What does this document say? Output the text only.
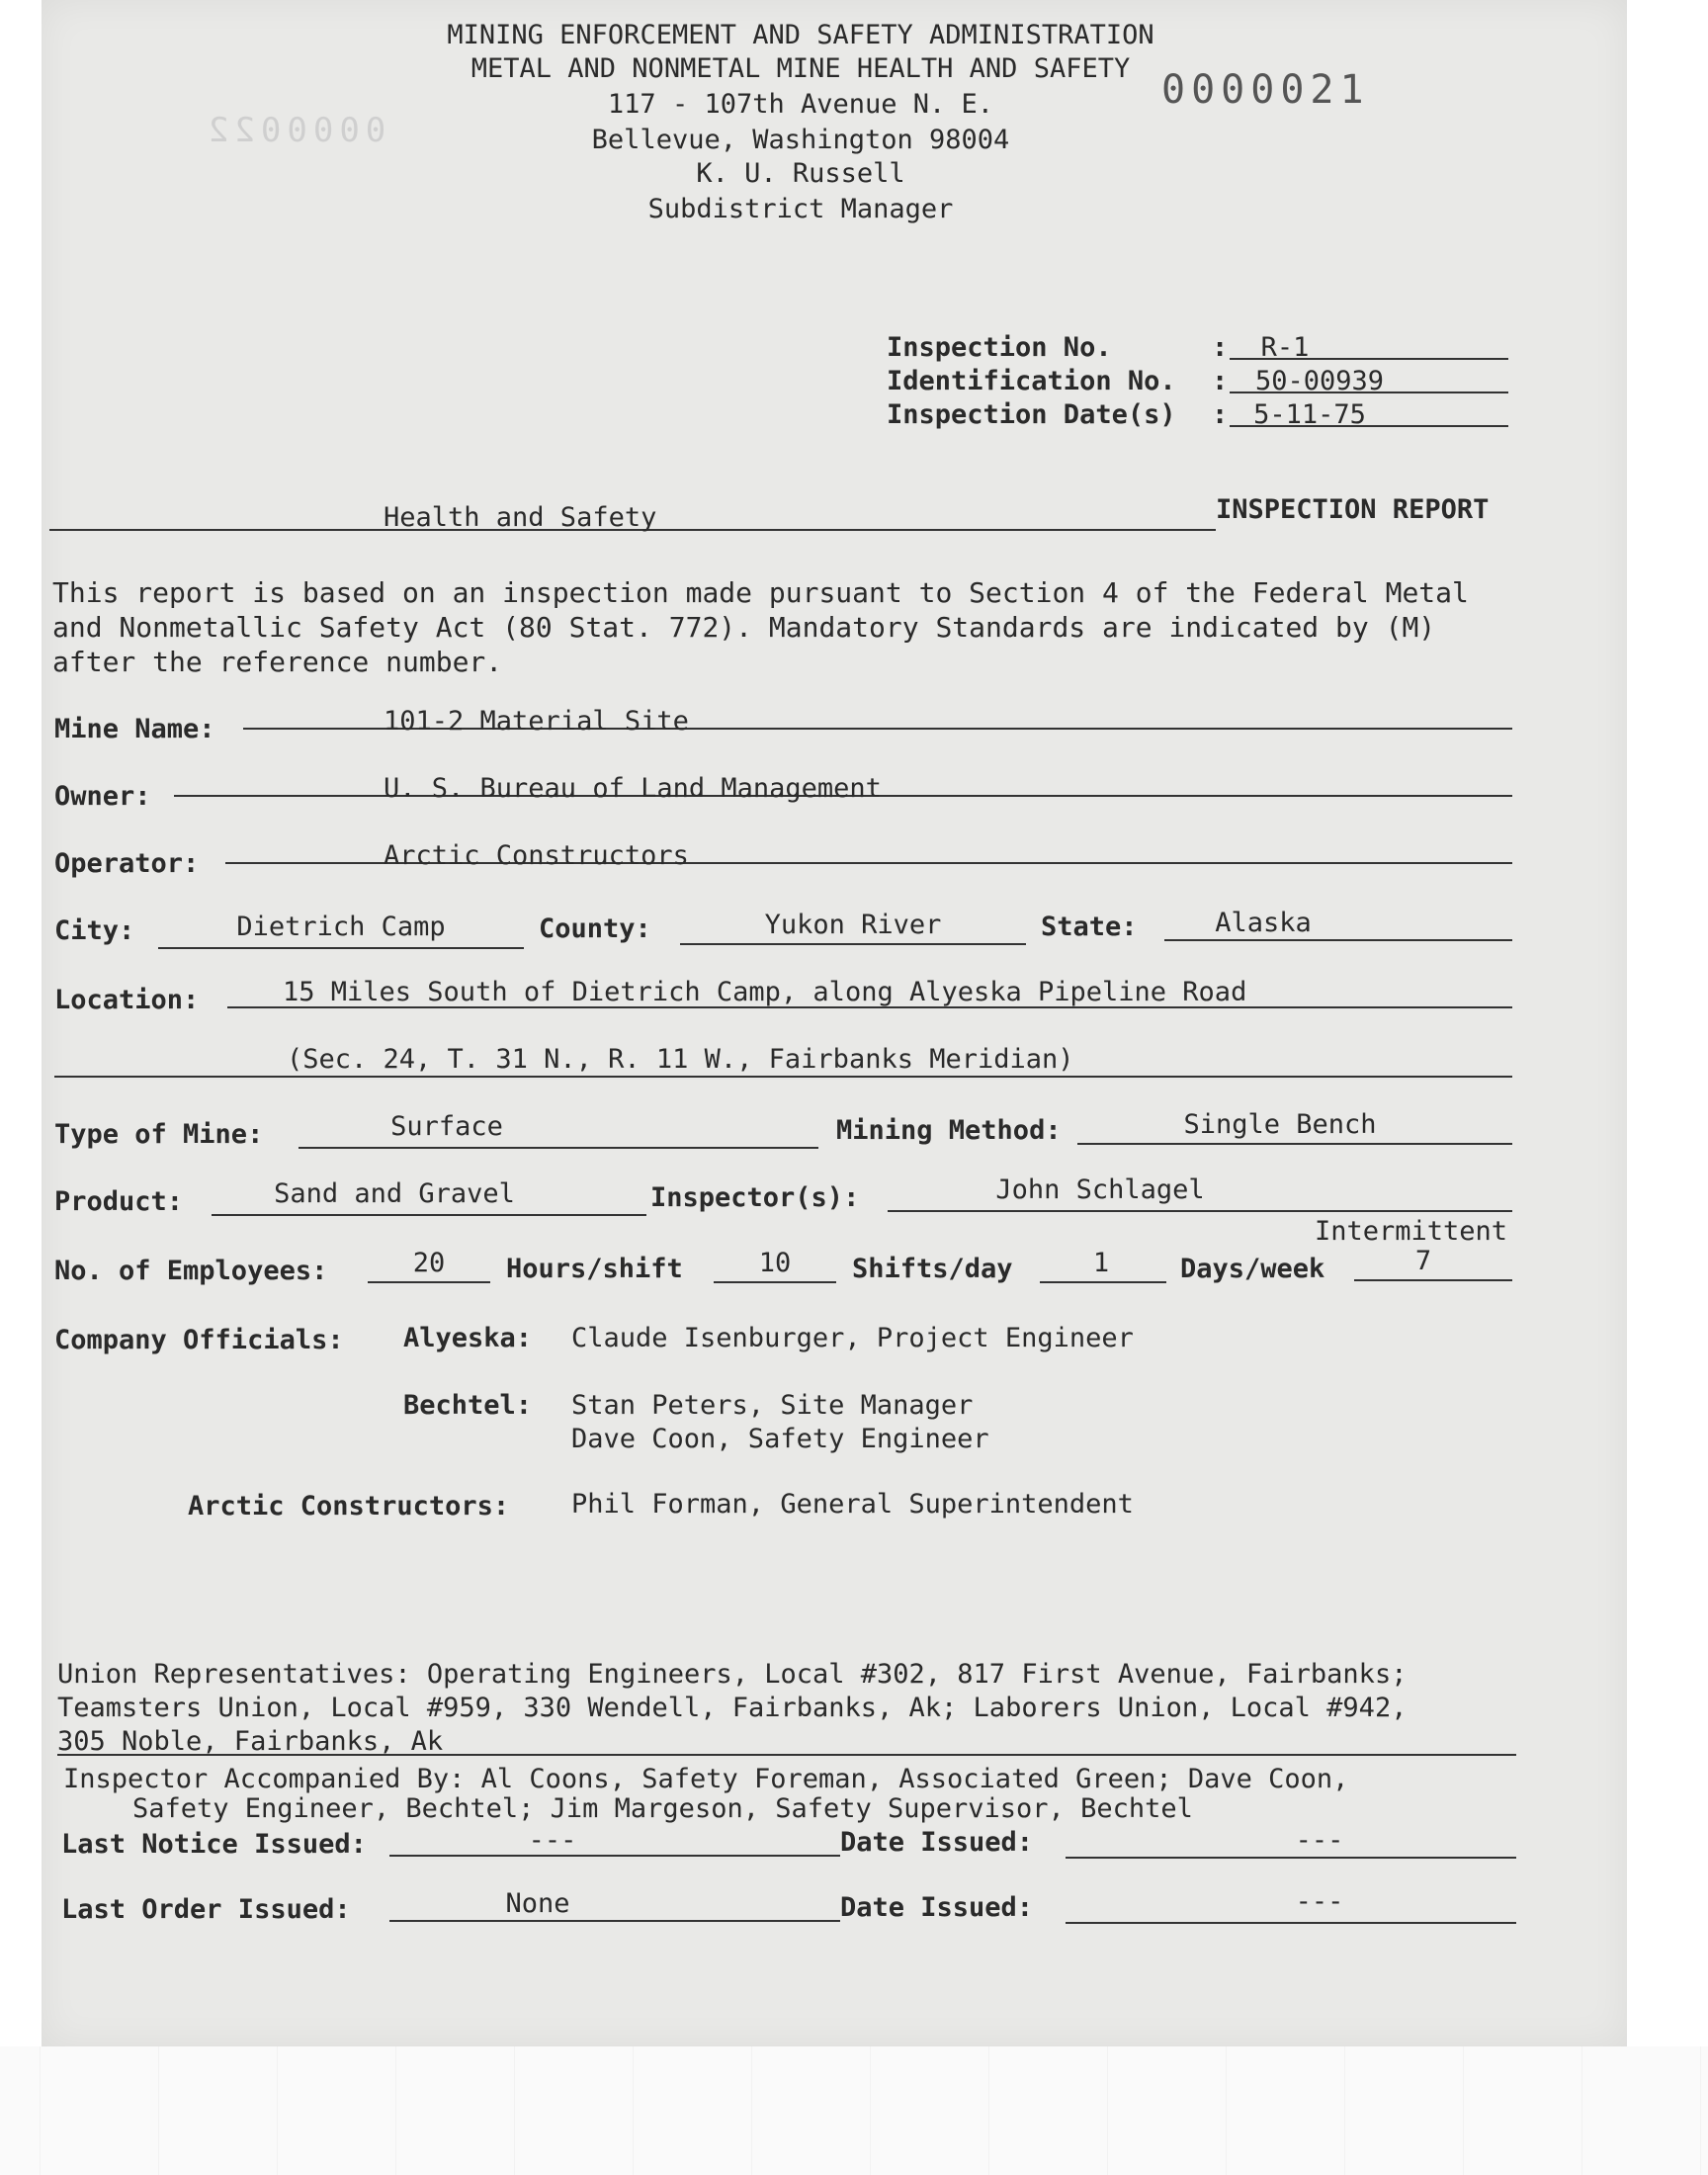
MINING ENFORCEMENT AND SAFETY ADMINISTRATION
METAL AND NONMETAL MINE HEALTH AND SAFETY
117 - 107th Avenue N. E.
Bellevue, Washington 98004
K. U. Russell
Subdistrict Manager
0000021
0000022
Inspection No.	:	R-1
Identification No. :	50-00939
Inspection Date(s) : 5-11-75
Health and Safety	INSPECTION REPORT
This report is based on an inspection made pursuant to Section 4 of the Federal Metal
and Nonmetallic Safety Act (80 Stat. 772). Mandatory Standards are indicated by (M)
after the reference number.
Mine Name:	101-2 Material Site
Owner:	U. S. Bureau of Land Management
Operator:	Arctic Constructors
City:	Dietrich Camp	County:	Yukon River	State:	Alaska
Location:	15 Miles South of Dietrich Camp, along Alyeska Pipeline Road
(Sec. 24, T. 31 N., R. 11 W., Fairbanks Meridian)
Type of Mine:	Surface	Mining Method:	Single Bench
Product:	Sand and Gravel	Inspector(s):	John Schlagel
Intermittent
No. of Employees:	20	Hours/shift	10	Shifts/day	1	Days/week	7
Company Officials: Alyeska: Claude Isenburger, Project Engineer
Bechtel: Stan Peters, Site Manager
Dave Coon, Safety Engineer
Arctic Constructors: Phil Forman, General Superintendent
Union Representatives: Operating Engineers, Local #302, 817 First Avenue, Fairbanks;
Teamsters Union, Local #959, 330 Wendell, Fairbanks, Ak; Laborers Union, Local #942,
305 Noble, Fairbanks, Ak
Inspector Accompanied By: Al Coons, Safety Foreman, Associated Green; Dave Coon,
Safety Engineer, Bechtel; Jim Margeson, Safety Supervisor, Bechtel
Last Notice Issued:	---	Date Issued:	---
Last Order Issued:	None	Date Issued:	---
